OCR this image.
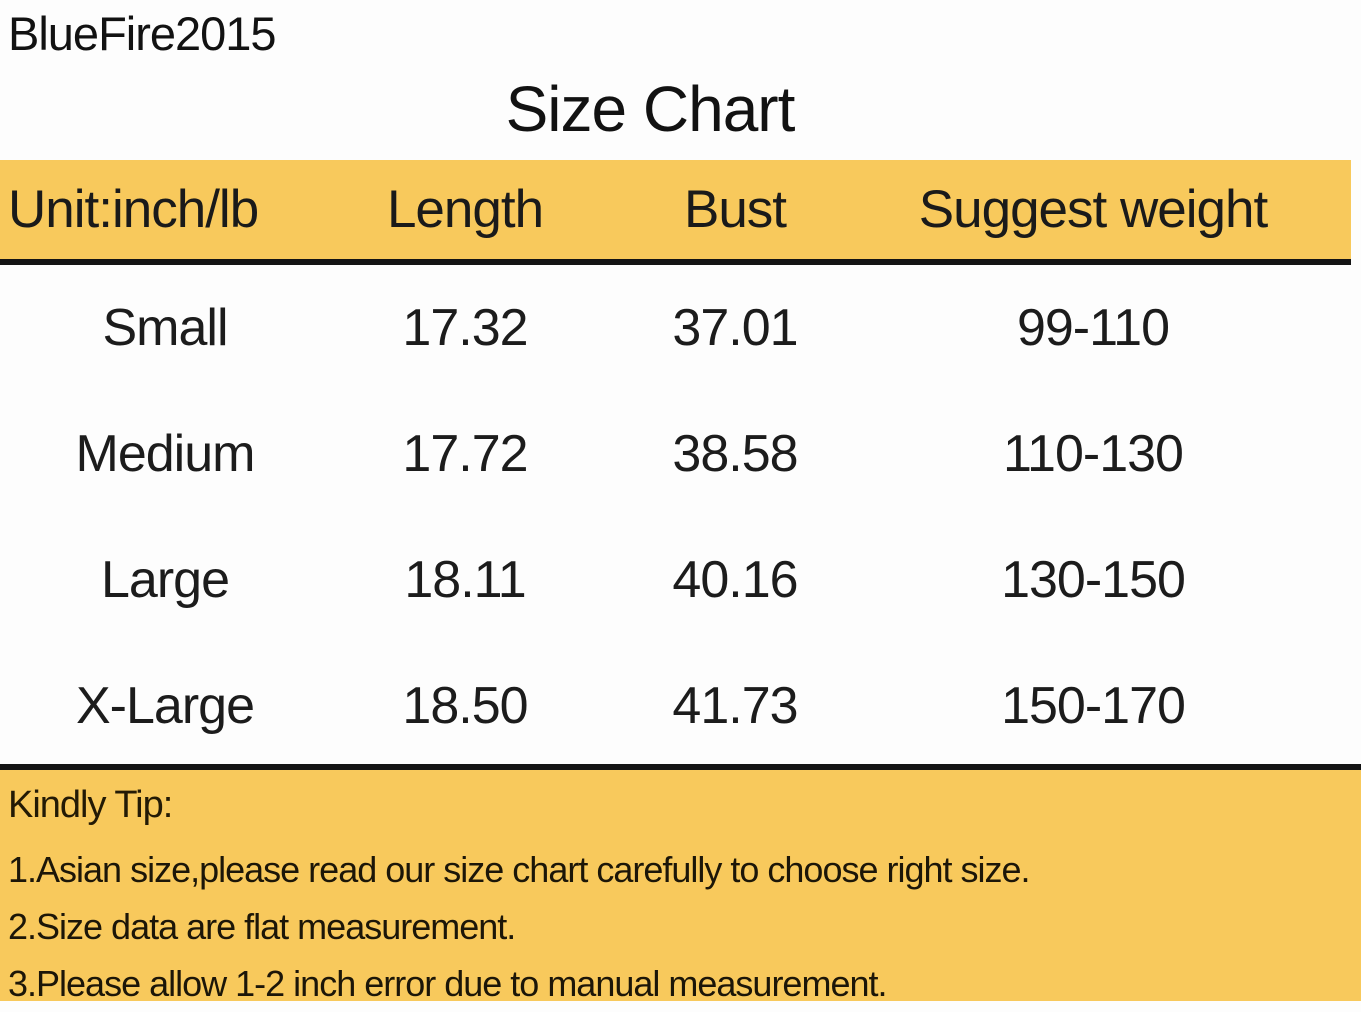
BlueFire2015
Size Chart
Unit:inch/lb	Length	Bust	Suggest weight
Small	17.32	37.01	99-110
Medium	17.72	38.58	110-130
Large	18.11	40.16	130-150
X-Large	18.50	41.73	150-170
Kindly Tip:
1.Asian size,please read our size chart carefully to choose right size.
2.Size data are flat measurement.
3.Please allow 1-2 inch error due to manual measurement.
